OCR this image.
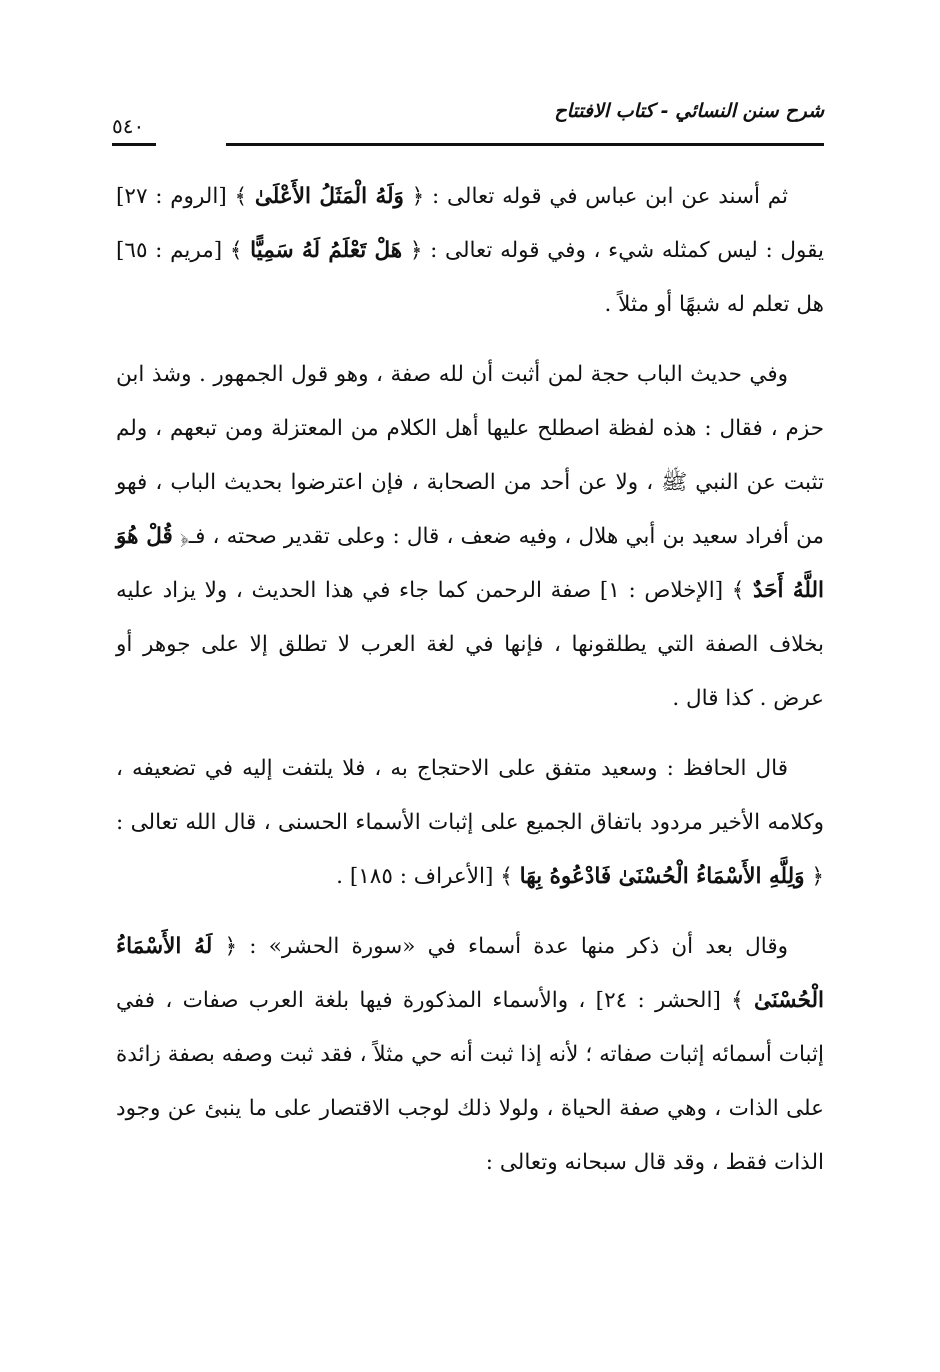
شرح سنن النسائي - كتاب الافتتاح
٥٤٠

ثم أسند عن ابن عباس في قوله تعالى : ﴿ وَلَهُ الْمَثَلُ الأَعْلَىٰ ﴾ [الروم : ٢٧] يقول : ليس كمثله شيء ، وفي قوله تعالى : ﴿ هَلْ تَعْلَمُ لَهُ سَمِيًّا ﴾ [مريم : ٦٥] هل تعلم له شبهًا أو مثلاً .

وفي حديث الباب حجة لمن أثبت أن لله صفة ، وهو قول الجمهور . وشذ ابن حزم ، فقال : هذه لفظة اصطلح عليها أهل الكلام من المعتزلة ومن تبعهم ، ولم تثبت عن النبي ﷺ ، ولا عن أحد من الصحابة ، فإن اعترضوا بحديث الباب ، فهو من أفراد سعيد بن أبي هلال ، وفيه ضعف ، قال : وعلى تقدير صحته ، فـ﴿ قُلْ هُوَ اللَّهُ أَحَدٌ ﴾ [الإخلاص : ١] صفة الرحمن كما جاء في هذا الحديث ، ولا يزاد عليه بخلاف الصفة التي يطلقونها ، فإنها في لغة العرب لا تطلق إلا على جوهر أو عرض . كذا قال .

قال الحافظ : وسعيد متفق على الاحتجاج به ، فلا يلتفت إليه في تضعيفه ، وكلامه الأخير مردود باتفاق الجميع على إثبات الأسماء الحسنى ، قال الله تعالى : ﴿ وَلِلَّهِ الأَسْمَاءُ الْحُسْنَىٰ فَادْعُوهُ بِهَا ﴾ [الأعراف : ١٨٥] .

وقال بعد أن ذكر منها عدة أسماء في «سورة الحشر» : ﴿ لَهُ الأَسْمَاءُ الْحُسْنَىٰ ﴾ [الحشر : ٢٤] ، والأسماء المذكورة فيها بلغة العرب صفات ، ففي إثبات أسمائه إثبات صفاته ؛ لأنه إذا ثبت أنه حي مثلاً ، فقد ثبت وصفه بصفة زائدة على الذات ، وهي صفة الحياة ، ولولا ذلك لوجب الاقتصار على ما ينبئ عن وجود الذات فقط ، وقد قال سبحانه وتعالى :
